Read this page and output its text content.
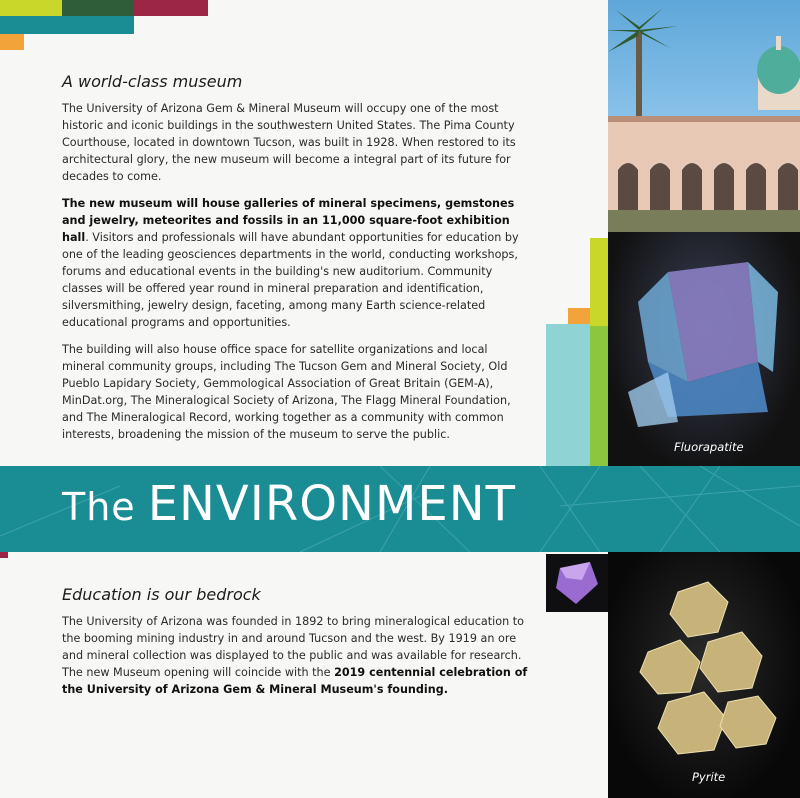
A world-class museum

The University of Arizona Gem & Mineral Museum will occupy one of the most historic and iconic buildings in the southwestern United States. The Pima County Courthouse, located in downtown Tucson, was built in 1928. When restored to its architectural glory, the new museum will become a integral part of its future for decades to come.

The new museum will house galleries of mineral specimens, gemstones and jewelry, meteorites and fossils in an 11,000 square-foot exhibition hall. Visitors and professionals will have abundant opportunities for education by one of the leading geosciences departments in the world, conducting workshops, forums and educational events in the building's new auditorium. Community classes will be offered year round in mineral preparation and identification, silversmithing, jewelry design, faceting, among many Earth science-related educational programs and opportunities.

The building will also house office space for satellite organizations and local mineral community groups, including The Tucson Gem and Mineral Society, Old Pueblo Lapidary Society, Gemmological Association of Great Britain (GEM-A), MinDat.org, The Mineralogical Society of Arizona, The Flagg Mineral Foundation, and The Mineralogical Record, working together as a community with common interests, broadening the mission of the museum to serve the public.

Fluorapatite
The ENVIRONMENT
Education is our bedrock

The University of Arizona was founded in 1892 to bring mineralogical education to the booming mining industry in and around Tucson and the west. By 1919 an ore and mineral collection was displayed to the public and was available for research. The new Museum opening will coincide with the 2019 centennial celebration of the University of Arizona Gem & Mineral Museum's founding.

Pyrite
